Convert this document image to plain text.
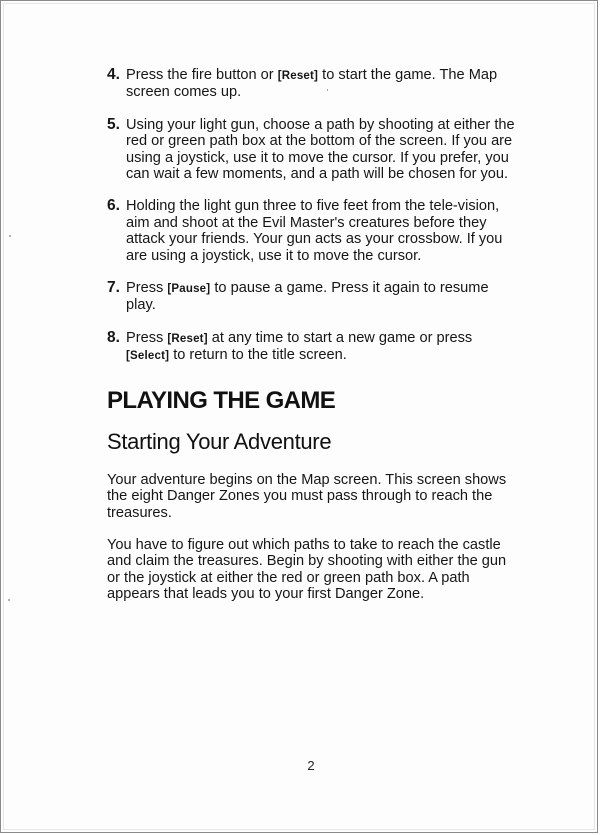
4. Press the fire button or [Reset] to start the game. The Map screen comes up.
5. Using your light gun, choose a path by shooting at either the red or green path box at the bottom of the screen. If you are using a joystick, use it to move the cursor. If you prefer, you can wait a few moments, and a path will be chosen for you.
6. Holding the light gun three to five feet from the tele-vision, aim and shoot at the Evil Master's creatures before they attack your friends. Your gun acts as your crossbow. If you are using a joystick, use it to move the cursor.
7. Press [Pause] to pause a game. Press it again to resume play.
8. Press [Reset] at any time to start a new game or press [Select] to return to the title screen.
PLAYING THE GAME
Starting Your Adventure

Your adventure begins on the Map screen. This screen shows the eight Danger Zones you must pass through to reach the treasures.

You have to figure out which paths to take to reach the castle and claim the treasures. Begin by shooting with either the gun or the joystick at either the red or green path box. A path appears that leads you to your first Danger Zone.

2
